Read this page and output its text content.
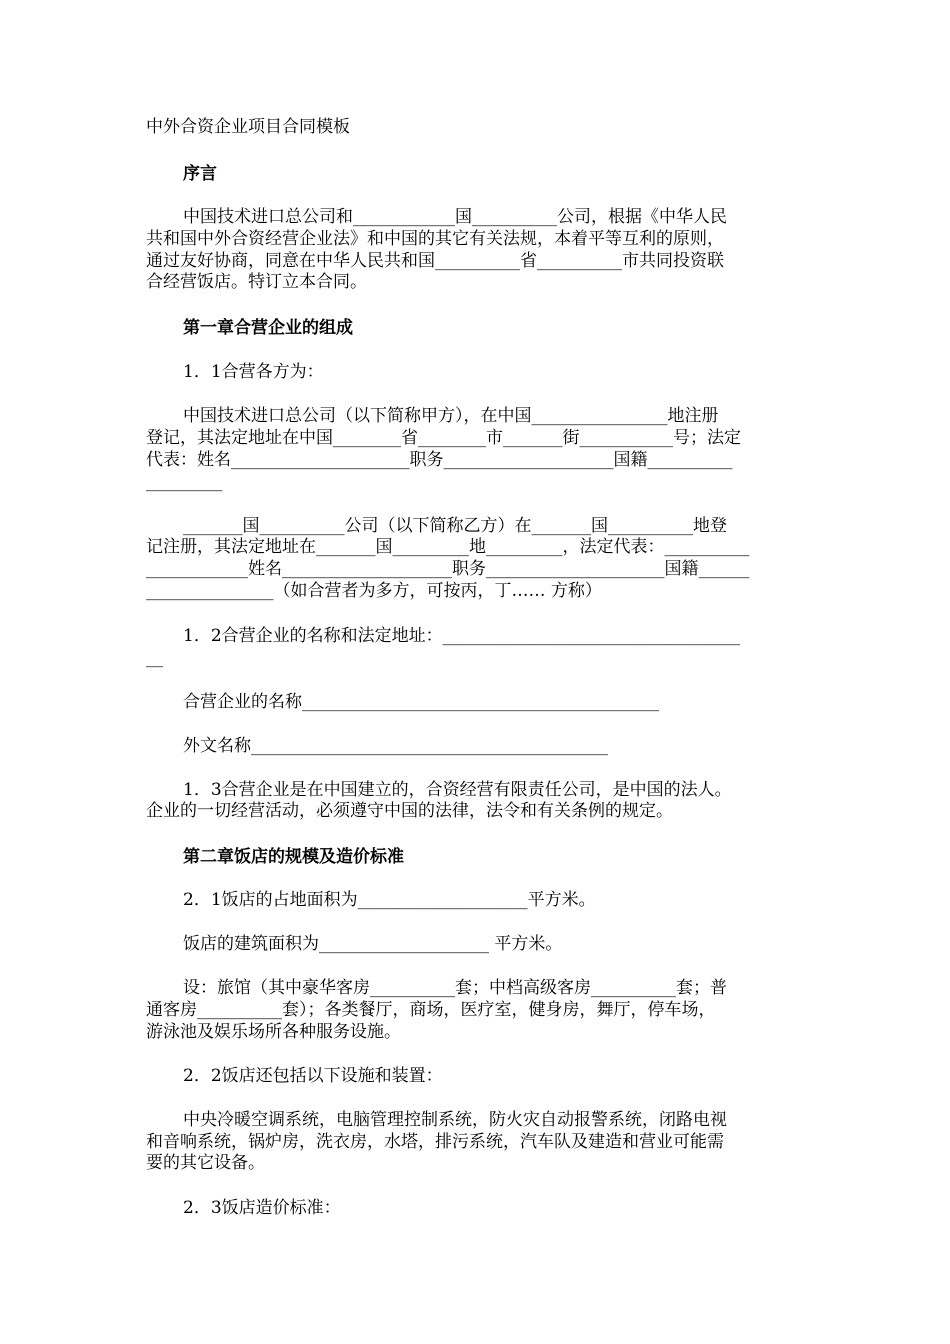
中外合资企业项目合同模板
序言
中国技术进口总公司和____________国__________公司，根据《中华人民
共和国中外合资经营企业法》和中国的其它有关法规，本着平等互利的原则，
通过友好协商，同意在中华人民共和国__________省__________市共同投资联
合经营饭店。特订立本合同。
第一章合营企业的组成
1．1合营各方为：
中国技术进口总公司（以下简称甲方），在中国________________地注册
登记，其法定地址在中国________省________市_______街___________号；法定
代表：姓名_____________________职务____________________国籍__________
_________
_______国__________公司（以下简称乙方）在_______国__________地登
记注册，其法定地址在_______国_________地_________，法定代表：__________
____________姓名____________________职务_____________________国籍______
_______________（如合营者为多方，可按丙，丁…… 方称）
1．2合营企业的名称和法定地址：___________________________________
__
合营企业的名称__________________________________________
外文名称__________________________________________
1．3合营企业是在中国建立的，合资经营有限责任公司，是中国的法人。
企业的一切经营活动，必须遵守中国的法律，法令和有关条例的规定。
第二章饭店的规模及造价标准
2．1饭店的占地面积为____________________平方米。
饭店的建筑面积为____________________ 平方米。
设：旅馆（其中豪华客房__________套；中档高级客房__________套；普
通客房__________套）；各类餐厅，商场，医疗室，健身房，舞厅，停车场，
游泳池及娱乐场所各种服务设施。
2．2饭店还包括以下设施和装置：
中央冷暖空调系统，电脑管理控制系统，防火灾自动报警系统，闭路电视
和音响系统，锅炉房，洗衣房，水塔，排污系统，汽车队及建造和营业可能需
要的其它设备。
2．3饭店造价标准：
